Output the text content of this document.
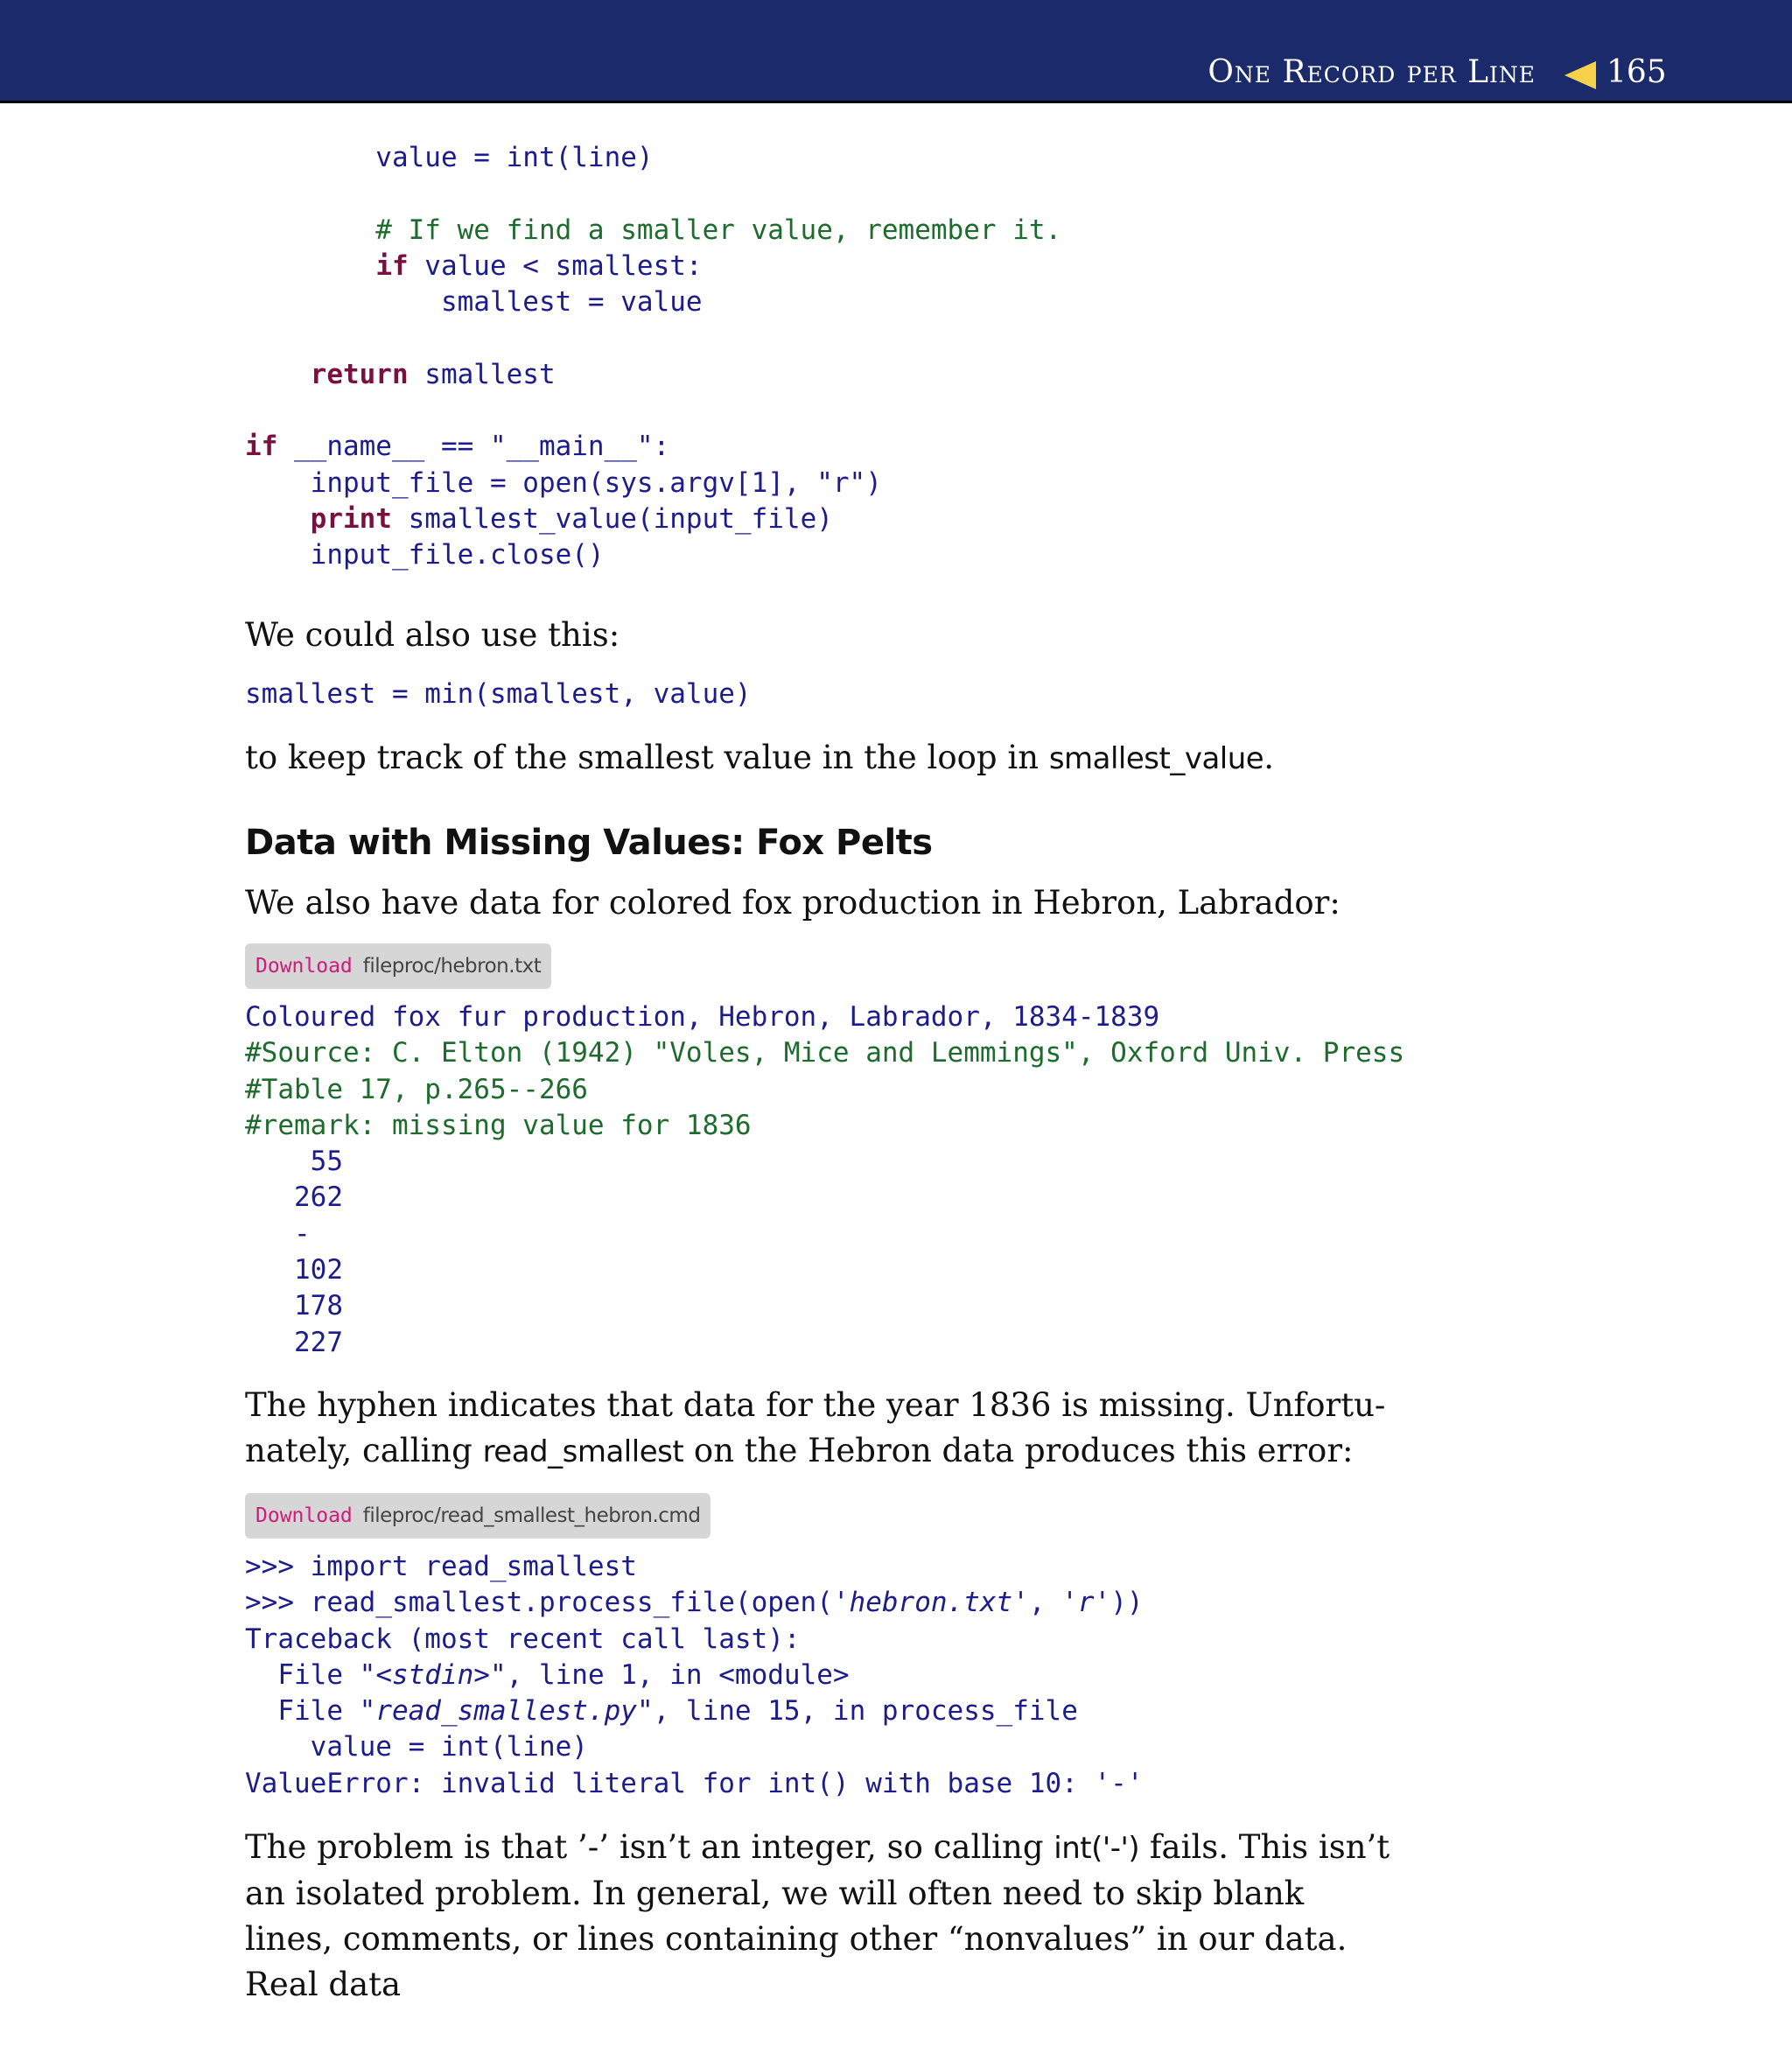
One Record per Line 165
value = int(line)

# If we find a smaller value, remember it.
if value < smallest:
smallest = value

return smallest

if __name__ == "__main__":
input_file = open(sys.argv[1], "r")
print smallest_value(input_file)
input_file.close()

We could also use this:

smallest = min(smallest, value)

to keep track of the smallest value in the loop in smallest_value.

Data with Missing Values: Fox Pelts

We also have data for colored fox production in Hebron, Labrador:

Download fileproc/hebron.txt
Coloured fox fur production, Hebron, Labrador, 1834-1839
#Source: C. Elton (1942) "Voles, Mice and Lemmings", Oxford Univ. Press
#Table 17, p.265--266
#remark: missing value for 1836
55
262
-
102
178
227

The hyphen indicates that data for the year 1836 is missing. Unfortu-nately, calling read_smallest on the Hebron data produces this error:

Download fileproc/read_smallest_hebron.cmd
>>> import read_smallest
>>> read_smallest.process_file(open('hebron.txt', 'r'))
Traceback (most recent call last):
File "<stdin>", line 1, in <module>
File "read_smallest.py", line 15, in process_file
value = int(line)
ValueError: invalid literal for int() with base 10: '-'

The problem is that ’-’ isn’t an integer, so calling int('-') fails. This isn’t an isolated problem. In general, we will often need to skip blank lines, comments, or lines containing other “nonvalues” in our data. Real data
